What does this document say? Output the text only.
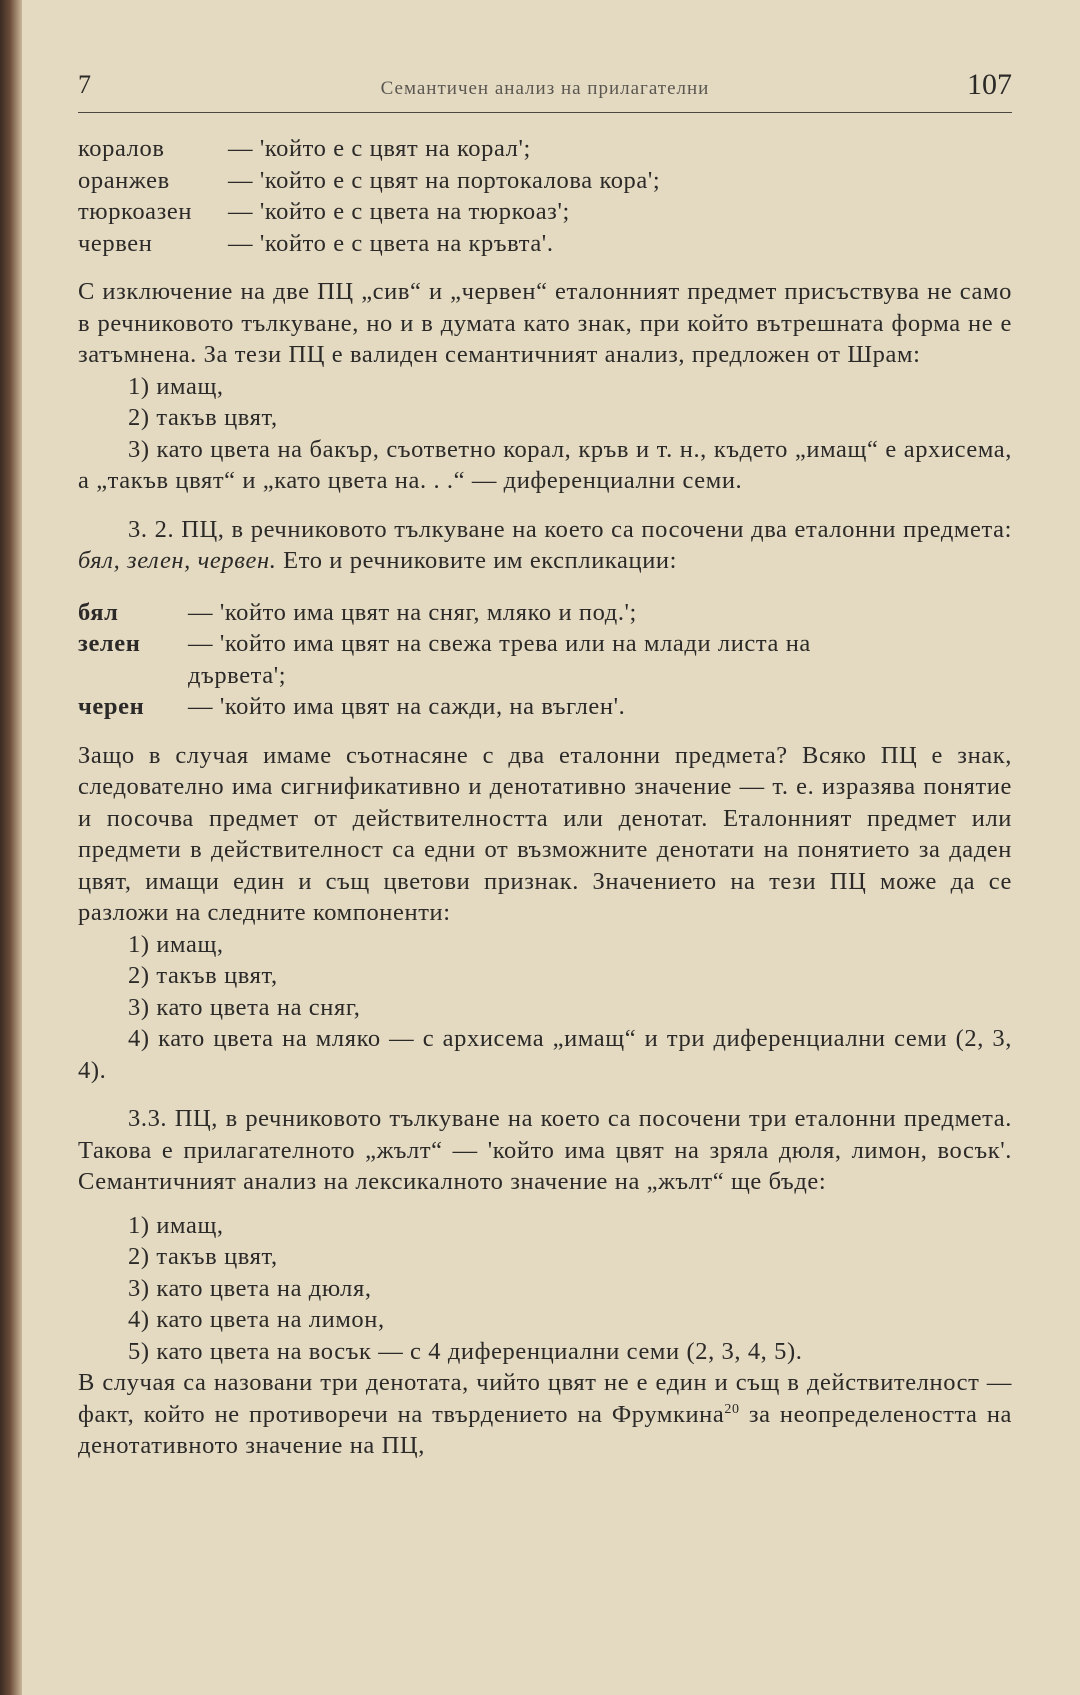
7	Семантичен анализ на прилагателни	107
коралов	— 'който е с цвят на корал';
оранжев	— 'който е с цвят на портокалова кора';
тюркоазен	— 'който е с цвета на тюркоаз';
червен	— 'който е с цвета на кръвта'.

С изключение на две ПЦ „сив“ и „червен“ еталонният предмет присъствува не само в речниковото тълкуване, но и в думата като знак, при който вътрешната форма не е затъмнена. За тези ПЦ е валиден семантичният анализ, предложен от Шрам:

1) имащ,
2) такъв цвят,

3) като цвета на бакър, съответно корал, кръв и т. н., където „имащ“ е архисема, а „такъв цвят“ и „като цвета на. . .“ — диференциални семи.

3. 2. ПЦ, в речниковото тълкуване на което са посочени два еталонни предмета: бял, зелен, червен. Ето и речниковите им експликации:

бял	— 'който има цвят на сняг, мляко и под.';
зелен	— 'който има цвят на свежа трева или на млади листа на
дървета';
черен	— 'който има цвят на сажди, на въглен'.

Защо в случая имаме съотнасяне с два еталонни предмета? Всяко ПЦ е знак, следователно има сигнификативно и денотативно значение — т. е. изразява понятие и посочва предмет от действителността или денотат. Еталонният предмет или предмети в действителност са едни от възможните денотати на понятието за даден цвят, имащи един и същ цветови признак. Значението на тези ПЦ може да се разложи на следните компоненти:

1) имащ,
2) такъв цвят,
3) като цвета на сняг,

4) като цвета на мляко — с архисема „имащ“ и три диференциални семи (2, 3, 4).

3.3. ПЦ, в речниковото тълкуване на което са посочени три еталонни предмета. Такова е прилагателното „жълт“ — 'който има цвят на зряла дюля, лимон, восък'. Семантичният анализ на лексикалното значение на „жълт“ ще бъде:

1) имащ,
2) такъв цвят,
3) като цвета на дюля,
4) като цвета на лимон,
5) като цвета на восък — с 4 диференциални семи (2, 3, 4, 5).

В случая са назовани три денотата, чийто цвят не е един и същ в действителност — факт, който не противоречи на твърдението на Фрумкина$^{20}$ за неопределеността на денотативното значение на ПЦ,
